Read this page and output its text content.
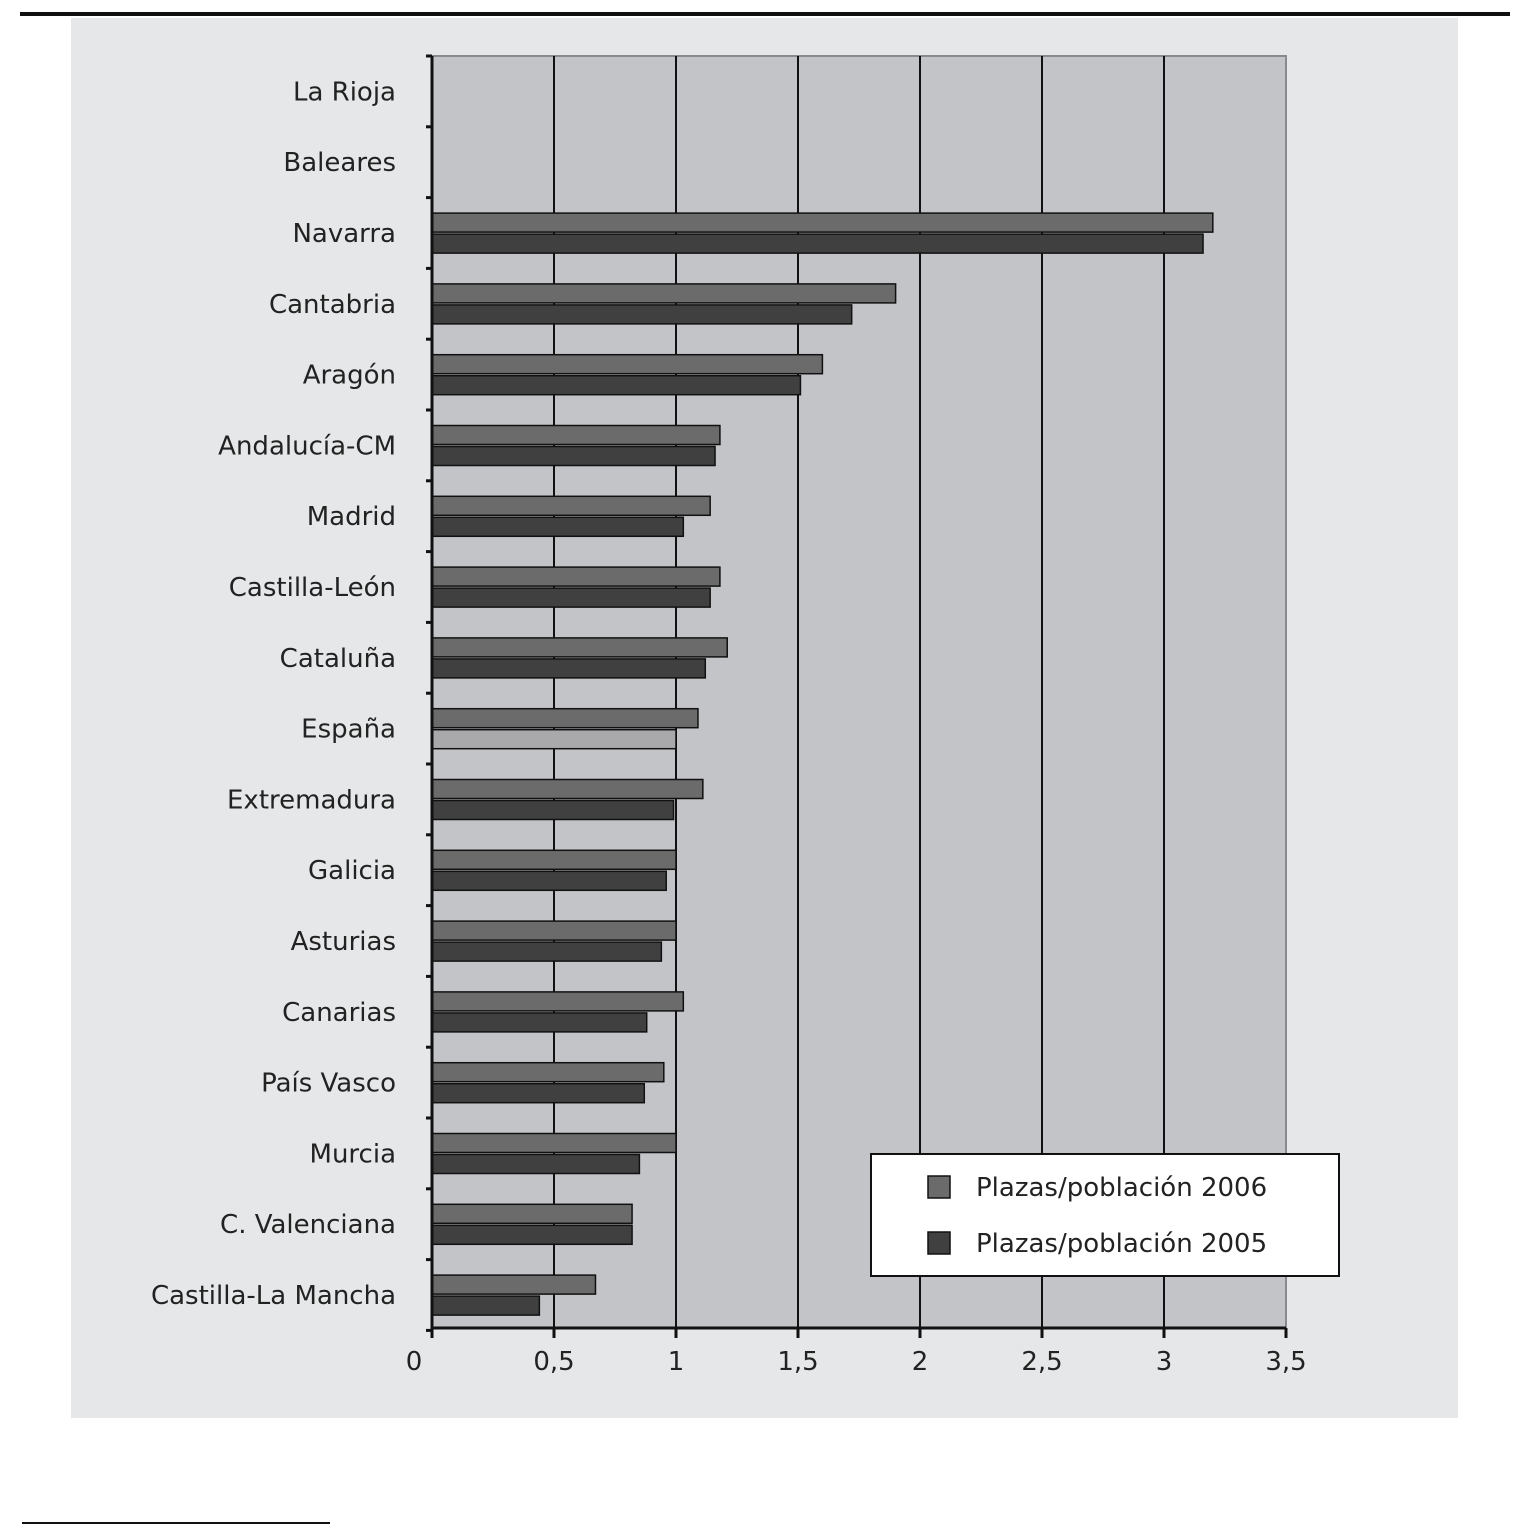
0	0,5	1	1,5	2	2,5	3	3,5
La Rioja
Baleares
Navarra
Cantabria
Aragón
Andalucía-CM
Madrid
Castilla-León
Cataluña
España
Extremadura
Galicia
Asturias
Canarias
País Vasco
Murcia
C. Valenciana
Castilla-La Mancha
Plazas/población 2006
Plazas/población 2005
